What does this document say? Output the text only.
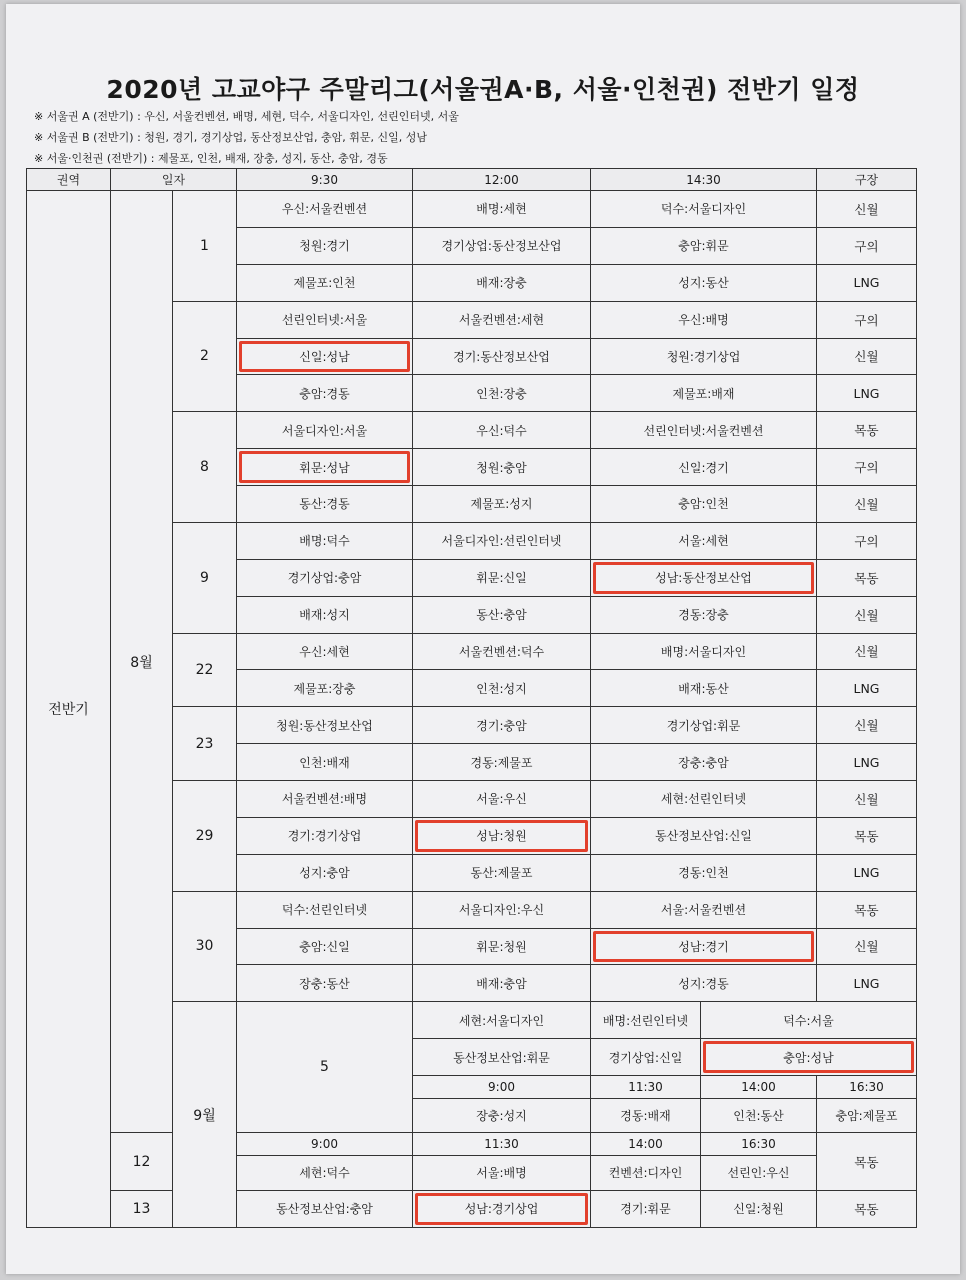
2020년 고교야구 주말리그(서울권A·B, 서울·인천권) 전반기 일정
※ 서울권 A (전반기) : 우신, 서울컨벤션, 배명, 세현, 덕수, 서울디자인, 선린인터넷, 서울
※ 서울권 B (전반기) : 청원, 경기, 경기상업, 동산정보산업, 충암, 휘문, 신일, 성남
※ 서울·인천권 (전반기) : 제물포, 인천, 배재, 장충, 성지, 동산, 충암, 경동
권역	일자		9:30	12:00	14:30		구장	
전반기	8월	1	우신:서울컨벤션	배명:세현	덕수:서울디자인		신월	
			청원:경기	경기상업:동산정보산업	충암:휘문		구의	
			제물포:인천	배재:장충	성지:동산		LNG	
		2	선린인터넷:서울	서울컨벤션:세현	우신:배명		구의	
			신일:성남	경기:동산정보산업	청원:경기상업		신월	
			충암:경동	인천:장충	제물포:배재		LNG	
		8	서울디자인:서울	우신:덕수	선린인터넷:서울컨벤션		목동	
			휘문:성남	청원:충암	신일:경기		구의	
			동산:경동	제물포:성지	충암:인천		신월	
		9	배명:덕수	서울디자인:선린인터넷	서울:세현		구의	
			경기상업:충암	휘문:신일	성남:동산정보산업		목동	
			배재:성지	동산:충암	경동:장충		신월	
		22	우신:세현	서울컨벤션:덕수	배명:서울디자인		신월	
			제물포:장충	인천:성지	배재:동산		LNG	
		23	청원:동산정보산업	경기:충암	경기상업:휘문		신월	
			인천:배재	경동:제물포	장충:충암		LNG	
		29	서울컨벤션:배명	서울:우신	세현:선린인터넷		신월	
			경기:경기상업	성남:청원	동산정보산업:신일		목동	
			성지:충암	동산:제물포	경동:인천		LNG	
		30	덕수:선린인터넷	서울디자인:우신	서울:서울컨벤션		목동	
			충암:신일	휘문:청원	성남:경기		신월	
			장충:동산	배재:충암	성지:경동		LNG	
		9월	5	세현:서울디자인	배명:선린인터넷	덕수:서울	
				동산정보산업:휘문	경기상업:신일	충암:성남	
				9:00	11:30	14:00	16:30	
				장충:성지	경동:배재	인천:동산	충암:제물포	
	12		9:00	11:30	14:00	16:30	목동	
			세현:덕수	서울:배명	컨벤션:디자인	선린인:우신		
	13		동산정보산업:충암	성남:경기상업	경기:휘문	신일:청원	목동	
